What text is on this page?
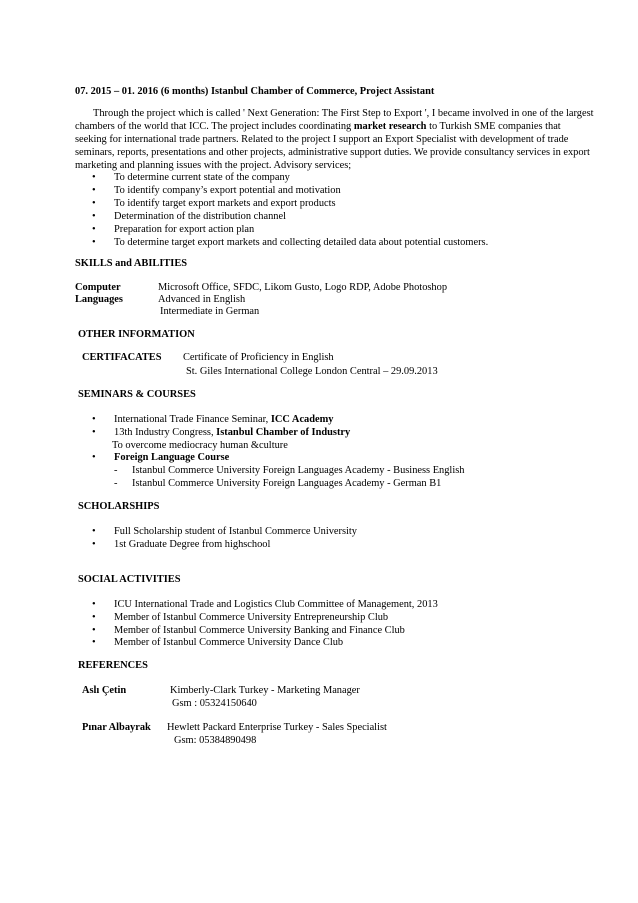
07. 2015 – 01. 2016 (6 months) Istanbul Chamber of Commerce, Project Assistant
Through the project which is called ' Next Generation: The First Step to Export ', I became involved in one of the largest
chambers of the world that ICC. The project includes coordinating market research to Turkish SME companies that
seeking for international trade partners. Related to the project I support an Export Specialist with development of trade
seminars, reports, presentations and other projects, administrative support duties. We provide consultancy services in export
marketing and planning issues with the project. Advisory services;
• To determine current state of the company
• To identify company’s export potential and motivation
• To identify target export markets and export products
• Determination of the distribution channel
• Preparation for export action plan
• To determine target export markets and collecting detailed data about potential customers.
SKILLS and ABILITIES
Computer	Microsoft Office, SFDC, Likom Gusto, Logo RDP, Adobe Photoshop
Languages	Advanced in English
Intermediate in German
OTHER INFORMATION
CERTIFACATES Certificate of Proficiency in English
St. Giles International College London Central – 29.09.2013
SEMINARS & COURSES
• International Trade Finance Seminar, ICC Academy
• 13th Industry Congress, Istanbul Chamber of Industry
To overcome mediocracy human &culture
• Foreign Language Course
- Istanbul Commerce University Foreign Languages Academy - Business English
- Istanbul Commerce University Foreign Languages Academy - German B1
SCHOLARSHIPS
• Full Scholarship student of Istanbul Commerce University
• 1st Graduate Degree from highschool
SOCIAL ACTIVITIES
• ICU International Trade and Logistics Club Committee of Management, 2013
• Member of Istanbul Commerce University Entrepreneurship Club
• Member of Istanbul Commerce University Banking and Finance Club
• Member of Istanbul Commerce University Dance Club
REFERENCES
Aslı Çetin	Kimberly-Clark Turkey - Marketing Manager
Gsm : 05324150640
Pınar Albayrak Hewlett Packard Enterprise Turkey - Sales Specialist
Gsm: 05384890498
